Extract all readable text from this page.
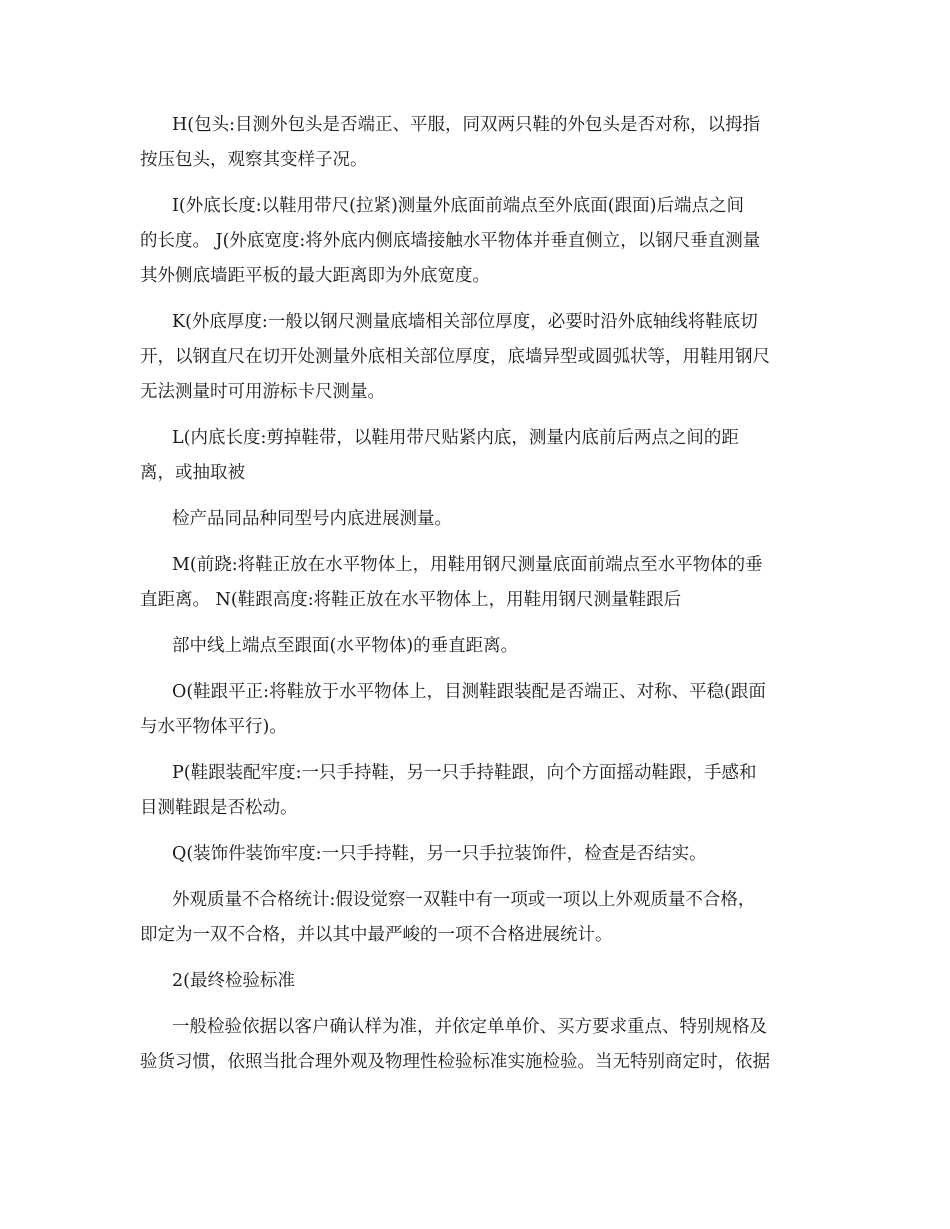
H(包头:目测外包头是否端正、平服，同双两只鞋的外包头是否对称，以拇指
按压包头，观察其变样子况。

I(外底长度:以鞋用带尺(拉紧)测量外底面前端点至外底面(跟面)后端点之间
的长度。 J(外底宽度:将外底内侧底墙接触水平物体并垂直侧立，以钢尺垂直测量
其外侧底墙距平板的最大距离即为外底宽度。

K(外底厚度:一般以钢尺测量底墙相关部位厚度，必要时沿外底轴线将鞋底切
开，以钢直尺在切开处测量外底相关部位厚度，底墙异型或圆弧状等，用鞋用钢尺
无法测量时可用游标卡尺测量。

L(内底长度:剪掉鞋带，以鞋用带尺贴紧内底，测量内底前后两点之间的距
离，或抽取被

检产品同品种同型号内底进展测量。

M(前跷:将鞋正放在水平物体上，用鞋用钢尺测量底面前端点至水平物体的垂
直距离。 N(鞋跟高度:将鞋正放在水平物体上，用鞋用钢尺测量鞋跟后

部中线上端点至跟面(水平物体)的垂直距离。

O(鞋跟平正:将鞋放于水平物体上，目测鞋跟装配是否端正、对称、平稳(跟面
与水平物体平行)。

P(鞋跟装配牢度:一只手持鞋，另一只手持鞋跟，向个方面摇动鞋跟，手感和
目测鞋跟是否松动。

Q(装饰件装饰牢度:一只手持鞋，另一只手拉装饰件，检查是否结实。

外观质量不合格统计:假设觉察一双鞋中有一项或一项以上外观质量不合格，
即定为一双不合格，并以其中最严峻的一项不合格进展统计。

2(最终检验标准

一般检验依据以客户确认样为准，并依定单单价、买方要求重点、特别规格及
验货习惯，依照当批合理外观及物理性检验标准实施检验。当无特别商定时，依据
